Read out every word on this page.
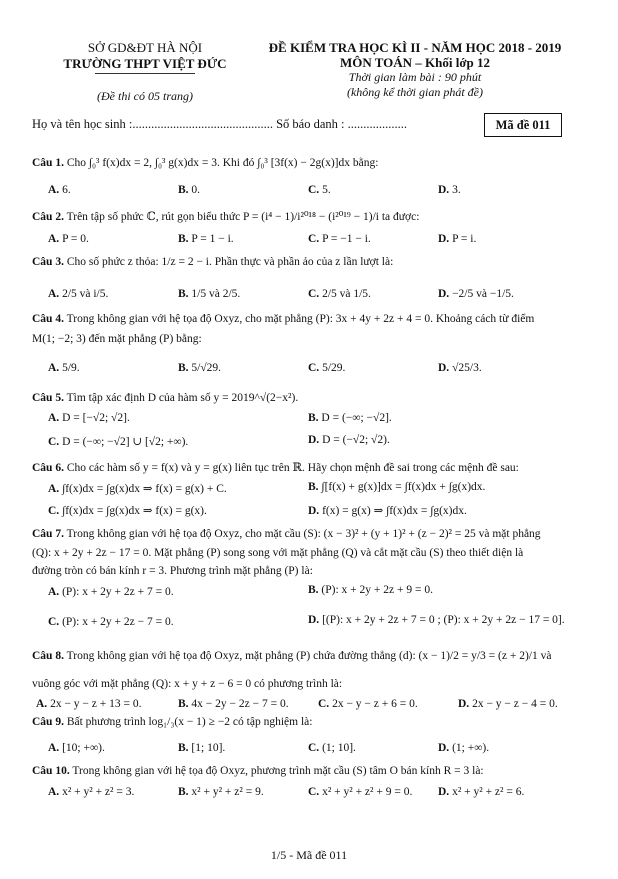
SỞ GD&ĐT HÀ NỘI
TRƯỜNG THPT VIỆT ĐỨC
(Đề thi có 05 trang)
ĐỀ KIỂM TRA HỌC KÌ II - NĂM HỌC 2018 - 2019
MÔN TOÁN – Khối lớp 12
Thời gian làm bài : 90 phút
(không kể thời gian phát đề)
Họ và tên học sinh :............................................. Số báo danh : ...................	Mã đề 011
Câu 1. Cho ∫₀³ f(x)dx = 2, ∫₀³ g(x)dx = 3. Khi đó ∫₀³ [3f(x) − 2g(x)]dx bằng:
A. 6.	B. 0.	C. 5.	D. 3.
Câu 2. Trên tập số phức ℂ, rút gọn biểu thức P = (i⁴ − 1)/i²⁰¹⁸ − (i²⁰¹⁹ − 1)/i ta được:
A. P = 0.	B. P = 1 − i.	C. P = −1 − i.	D. P = i.
Câu 3. Cho số phức z thỏa: 1/z = 2 − i. Phần thực và phần ảo của z lần lượt là:
A. 2/5 và i/5.	B. 1/5 và 2/5.	C. 2/5 và 1/5.	D. −2/5 và −1/5.
Câu 4. Trong không gian với hệ tọa độ Oxyz, cho mặt phẳng (P): 3x + 4y + 2z + 4 = 0. Khoảng cách từ điểm
M(1; −2; 3) đến mặt phẳng (P) bằng:
A. 5/9.	B. 5/√29.	C. 5/29.	D. √25/3.
Câu 5. Tìm tập xác định D của hàm số y = 2019^√(2−x²).
A. D = [−√2; √2].	B. D = (−∞; −√2].
C. D = (−∞; −√2] ∪ [√2; +∞).	D. D = (−√2; √2).
Câu 6. Cho các hàm số y = f(x) và y = g(x) liên tục trên ℝ. Hãy chọn mệnh đề sai trong các mệnh đề sau:
A. ∫f(x)dx = ∫g(x)dx ⇒ f(x) = g(x) + C.	B. ∫[f(x) + g(x)]dx = ∫f(x)dx + ∫g(x)dx.
C. ∫f(x)dx = ∫g(x)dx ⇒ f(x) = g(x).	D. f(x) = g(x) ⇒ ∫f(x)dx = ∫g(x)dx.
Câu 7. Trong không gian với hệ tọa độ Oxyz, cho mặt cầu (S): (x − 3)² + (y + 1)² + (z − 2)² = 25 và mặt phẳng
(Q): x + 2y + 2z − 17 = 0. Mặt phẳng (P) song song với mặt phẳng (Q) và cắt mặt cầu (S) theo thiết diện là
đường tròn có bán kính r = 3. Phương trình mặt phẳng (P) là:
A. (P): x + 2y + 2z + 7 = 0.	B. (P): x + 2y + 2z + 9 = 0.
C. (P): x + 2y + 2z − 7 = 0.	D. [(P): x + 2y + 2z + 7 = 0 ; (P): x + 2y + 2z − 17 = 0].
Câu 8. Trong không gian với hệ tọa độ Oxyz, mặt phẳng (P) chứa đường thẳng (d): (x − 1)/2 = y/3 = (z + 2)/1 và
vuông góc với mặt phẳng (Q): x + y + z − 6 = 0 có phương trình là:
A. 2x − y − z + 13 = 0.	B. 4x − 2y − 2z − 7 = 0.	C. 2x − y − z + 6 = 0.	D. 2x − y − z − 4 = 0.
Câu 9. Bất phương trình log₁/₃(x − 1) ≥ −2 có tập nghiệm là:
A. [10; +∞).	B. [1; 10].	C. (1; 10].	D. (1; +∞).
Câu 10. Trong không gian với hệ tọa độ Oxyz, phương trình mặt cầu (S) tâm O bán kính R = 3 là:
A. x² + y² + z² = 3.	B. x² + y² + z² = 9.	C. x² + y² + z² + 9 = 0. D. x² + y² + z² = 6.
1/5 - Mã đề 011
